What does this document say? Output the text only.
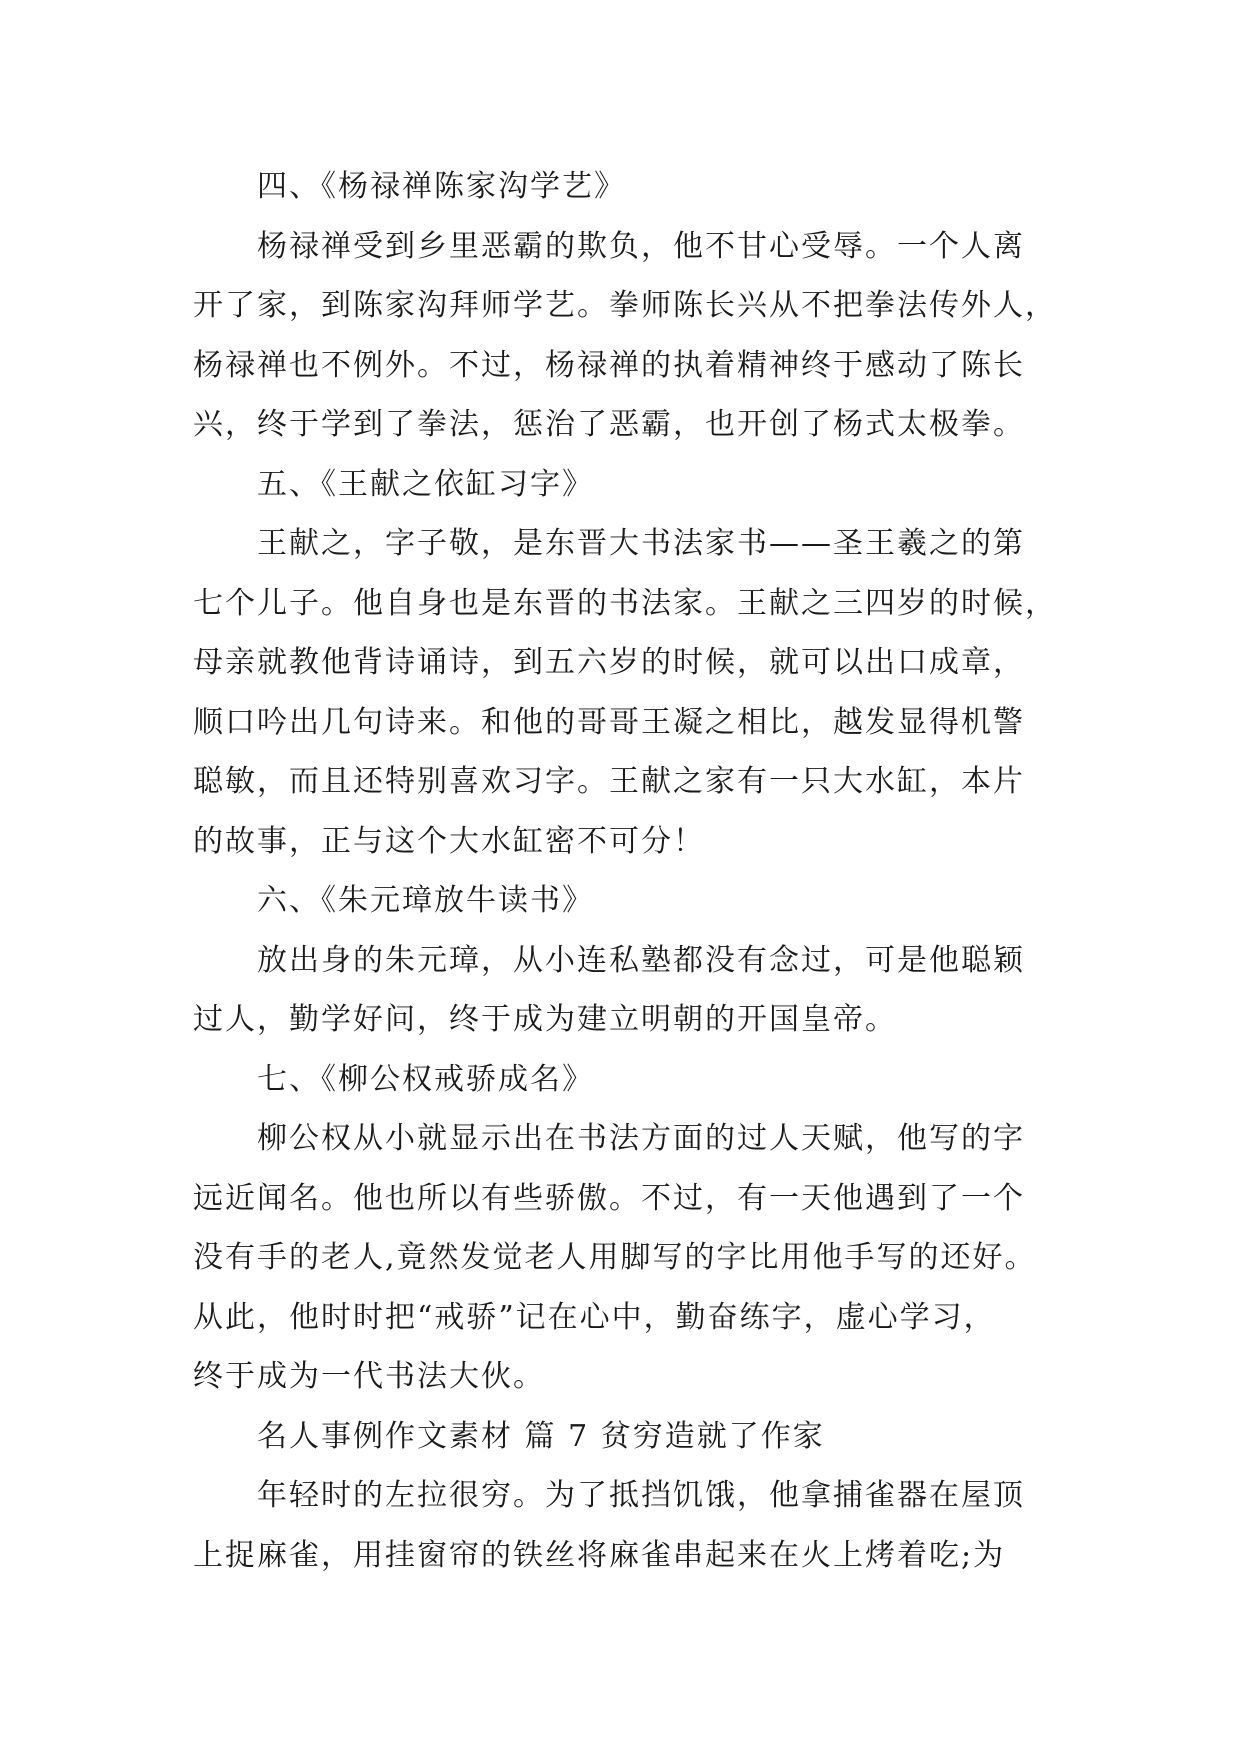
四、《杨禄禅陈家沟学艺》
杨禄禅受到乡里恶霸的欺负，他不甘心受辱。一个人离
开了家，到陈家沟拜师学艺。拳师陈长兴从不把拳法传外人，
杨禄禅也不例外。不过，杨禄禅的执着精神终于感动了陈长
兴，终于学到了拳法，惩治了恶霸，也开创了杨式太极拳。
五、《王献之依缸习字》
王献之，字子敬，是东晋大书法家书——圣王羲之的第
七个儿子。他自身也是东晋的书法家。王献之三四岁的时候，
母亲就教他背诗诵诗，到五六岁的时候，就可以出口成章，
顺口吟出几句诗来。和他的哥哥王凝之相比，越发显得机警
聪敏，而且还特别喜欢习字。王献之家有一只大水缸，本片
的故事，正与这个大水缸密不可分！
六、《朱元璋放牛读书》
放出身的朱元璋，从小连私塾都没有念过，可是他聪颖
过人，勤学好问，终于成为建立明朝的开国皇帝。
七、《柳公权戒骄成名》
柳公权从小就显示出在书法方面的过人天赋，他写的字
远近闻名。他也所以有些骄傲。不过，有一天他遇到了一个
没有手的老人,竟然发觉老人用脚写的字比用他手写的还好。
从此，他时时把“戒骄”记在心中，勤奋练字，虚心学习，
终于成为一代书法大伙。
名人事例作文素材 篇 7 贫穷造就了作家
年轻时的左拉很穷。为了抵挡饥饿，他拿捕雀器在屋顶
上捉麻雀，用挂窗帘的铁丝将麻雀串起来在火上烤着吃;为
